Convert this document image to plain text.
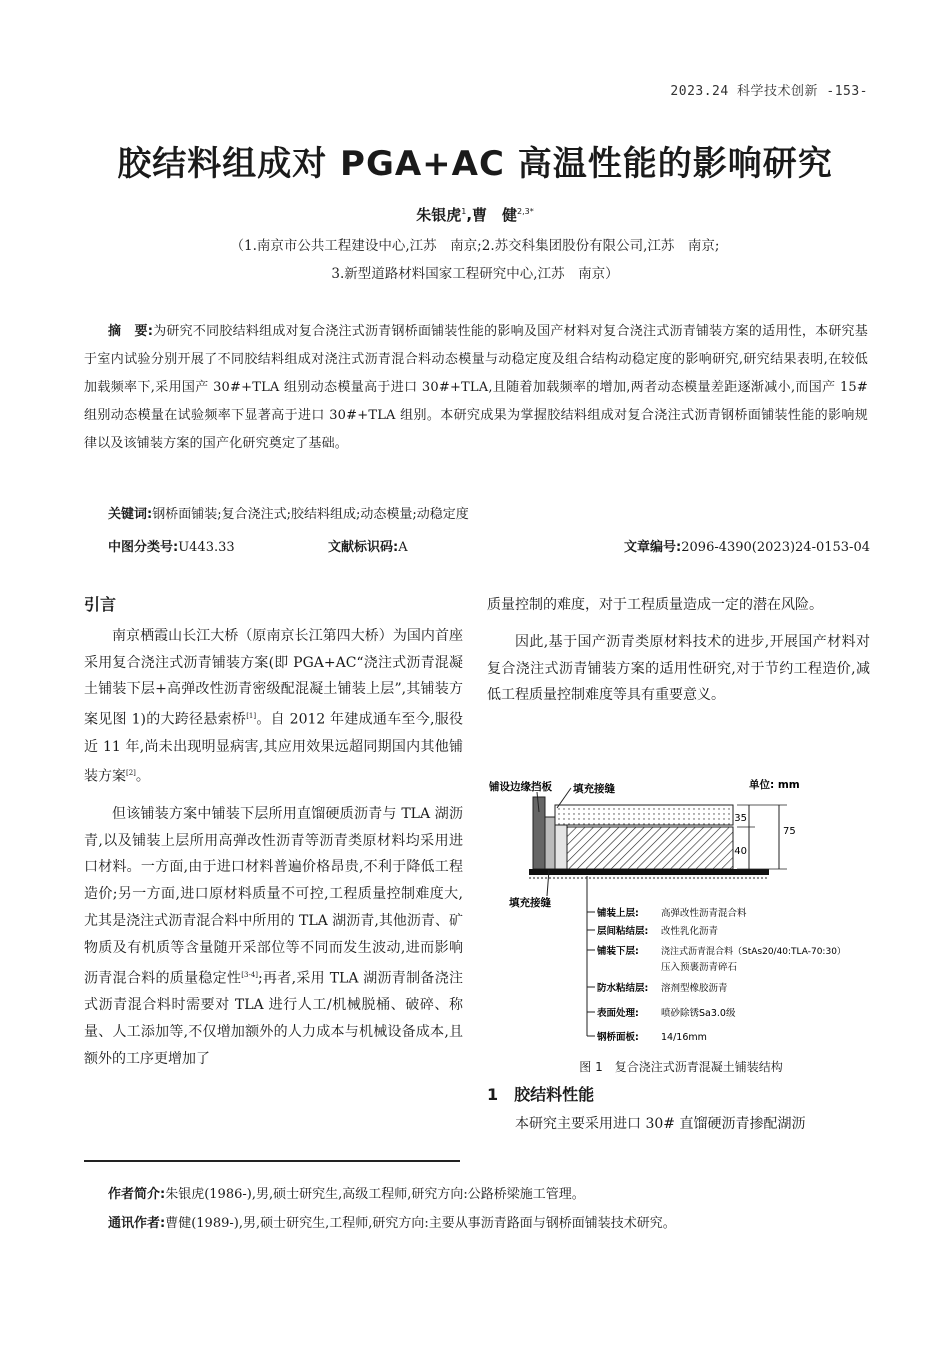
2023.24 科学技术创新 -153-
胶结料组成对 PGA+AC 高温性能的影响研究
朱银虎$^1$,曹　健$^{2,3*}$
（1.南京市公共工程建设中心,江苏　南京;2.苏交科集团股份有限公司,江苏　南京;
3.新型道路材料国家工程研究中心,江苏　南京）
摘　要:为研究不同胶结料组成对复合浇注式沥青钢桥面铺装性能的影响及国产材料对复合浇注式沥青铺装方案的适用性，本研究基于室内试验分别开展了不同胶结料组成对浇注式沥青混合料动态模量与动稳定度及组合结构动稳定度的影响研究,研究结果表明,在较低加载频率下,采用国产 30#+TLA 组别动态模量高于进口 30#+TLA,且随着加载频率的增加,两者动态模量差距逐渐减小,而国产 15# 组别动态模量在试验频率下显著高于进口 30#+TLA 组别。本研究成果为掌握胶结料组成对复合浇注式沥青钢桥面铺装性能的影响规律以及该铺装方案的国产化研究奠定了基础。
关键词:钢桥面铺装;复合浇注式;胶结料组成;动态模量;动稳定度
中图分类号:U443.33	文献标识码:A	文章编号:2096-4390(2023)24-0153-04

引言

南京栖霞山长江大桥（原南京长江第四大桥）为国内首座采用复合浇注式沥青铺装方案(即 PGA+AC“浇注式沥青混凝土铺装下层+高弹改性沥青密级配混凝土铺装上层”,其铺装方案见图 1)的大跨径悬索桥[1]。自 2012 年建成通车至今,服役近 11 年,尚未出现明显病害,其应用效果远超同期国内其他铺装方案[2]。

但该铺装方案中铺装下层所用直馏硬质沥青与 TLA 湖沥青,以及铺装上层所用高弹改性沥青等沥青类原材料均采用进口材料。一方面,由于进口材料普遍价格昂贵,不利于降低工程造价;另一方面,进口原材料质量不可控,工程质量控制难度大,尤其是浇注式沥青混合料中所用的 TLA 湖沥青,其他沥青、矿物质及有机质等含量随开采部位等不同而发生波动,进而影响沥青混合料的质量稳定性[3-4];再者,采用 TLA 湖沥青制备浇注式沥青混合料时需要对 TLA 进行人工/机械脱桶、破碎、称量、人工添加等,不仅增加额外的人力成本与机械设备成本,且额外的工序更增加了

质量控制的难度，对于工程质量造成一定的潜在风险。

因此,基于国产沥青类原材料技术的进步,开展国产材料对复合浇注式沥青铺装方案的适用性研究,对于节约工程造价,减低工程质量控制难度等具有重要意义。

35
40
75
铺设边缘挡板 填充接缝	单位: mm
填充接缝
铺装上层: 高弹改性沥青混合料
层间粘结层: 改性乳化沥青
铺装下层: 浇注式沥青混合料（StAs20/40:TLA-70:30）
压入预裹沥青碎石
防水粘结层: 溶剂型橡胶沥青
表面处理: 喷砂除锈Sa3.0级
钢桥面板: 14/16mm
图 1　复合浇注式沥青混凝土铺装结构

1　胶结料性能

本研究主要采用进口 30# 直馏硬沥青掺配湖沥

作者简介:朱银虎(1986-),男,硕士研究生,高级工程师,研究方向:公路桥梁施工管理。
通讯作者:曹健(1989-),男,硕士研究生,工程师,研究方向:主要从事沥青路面与钢桥面铺装技术研究。
